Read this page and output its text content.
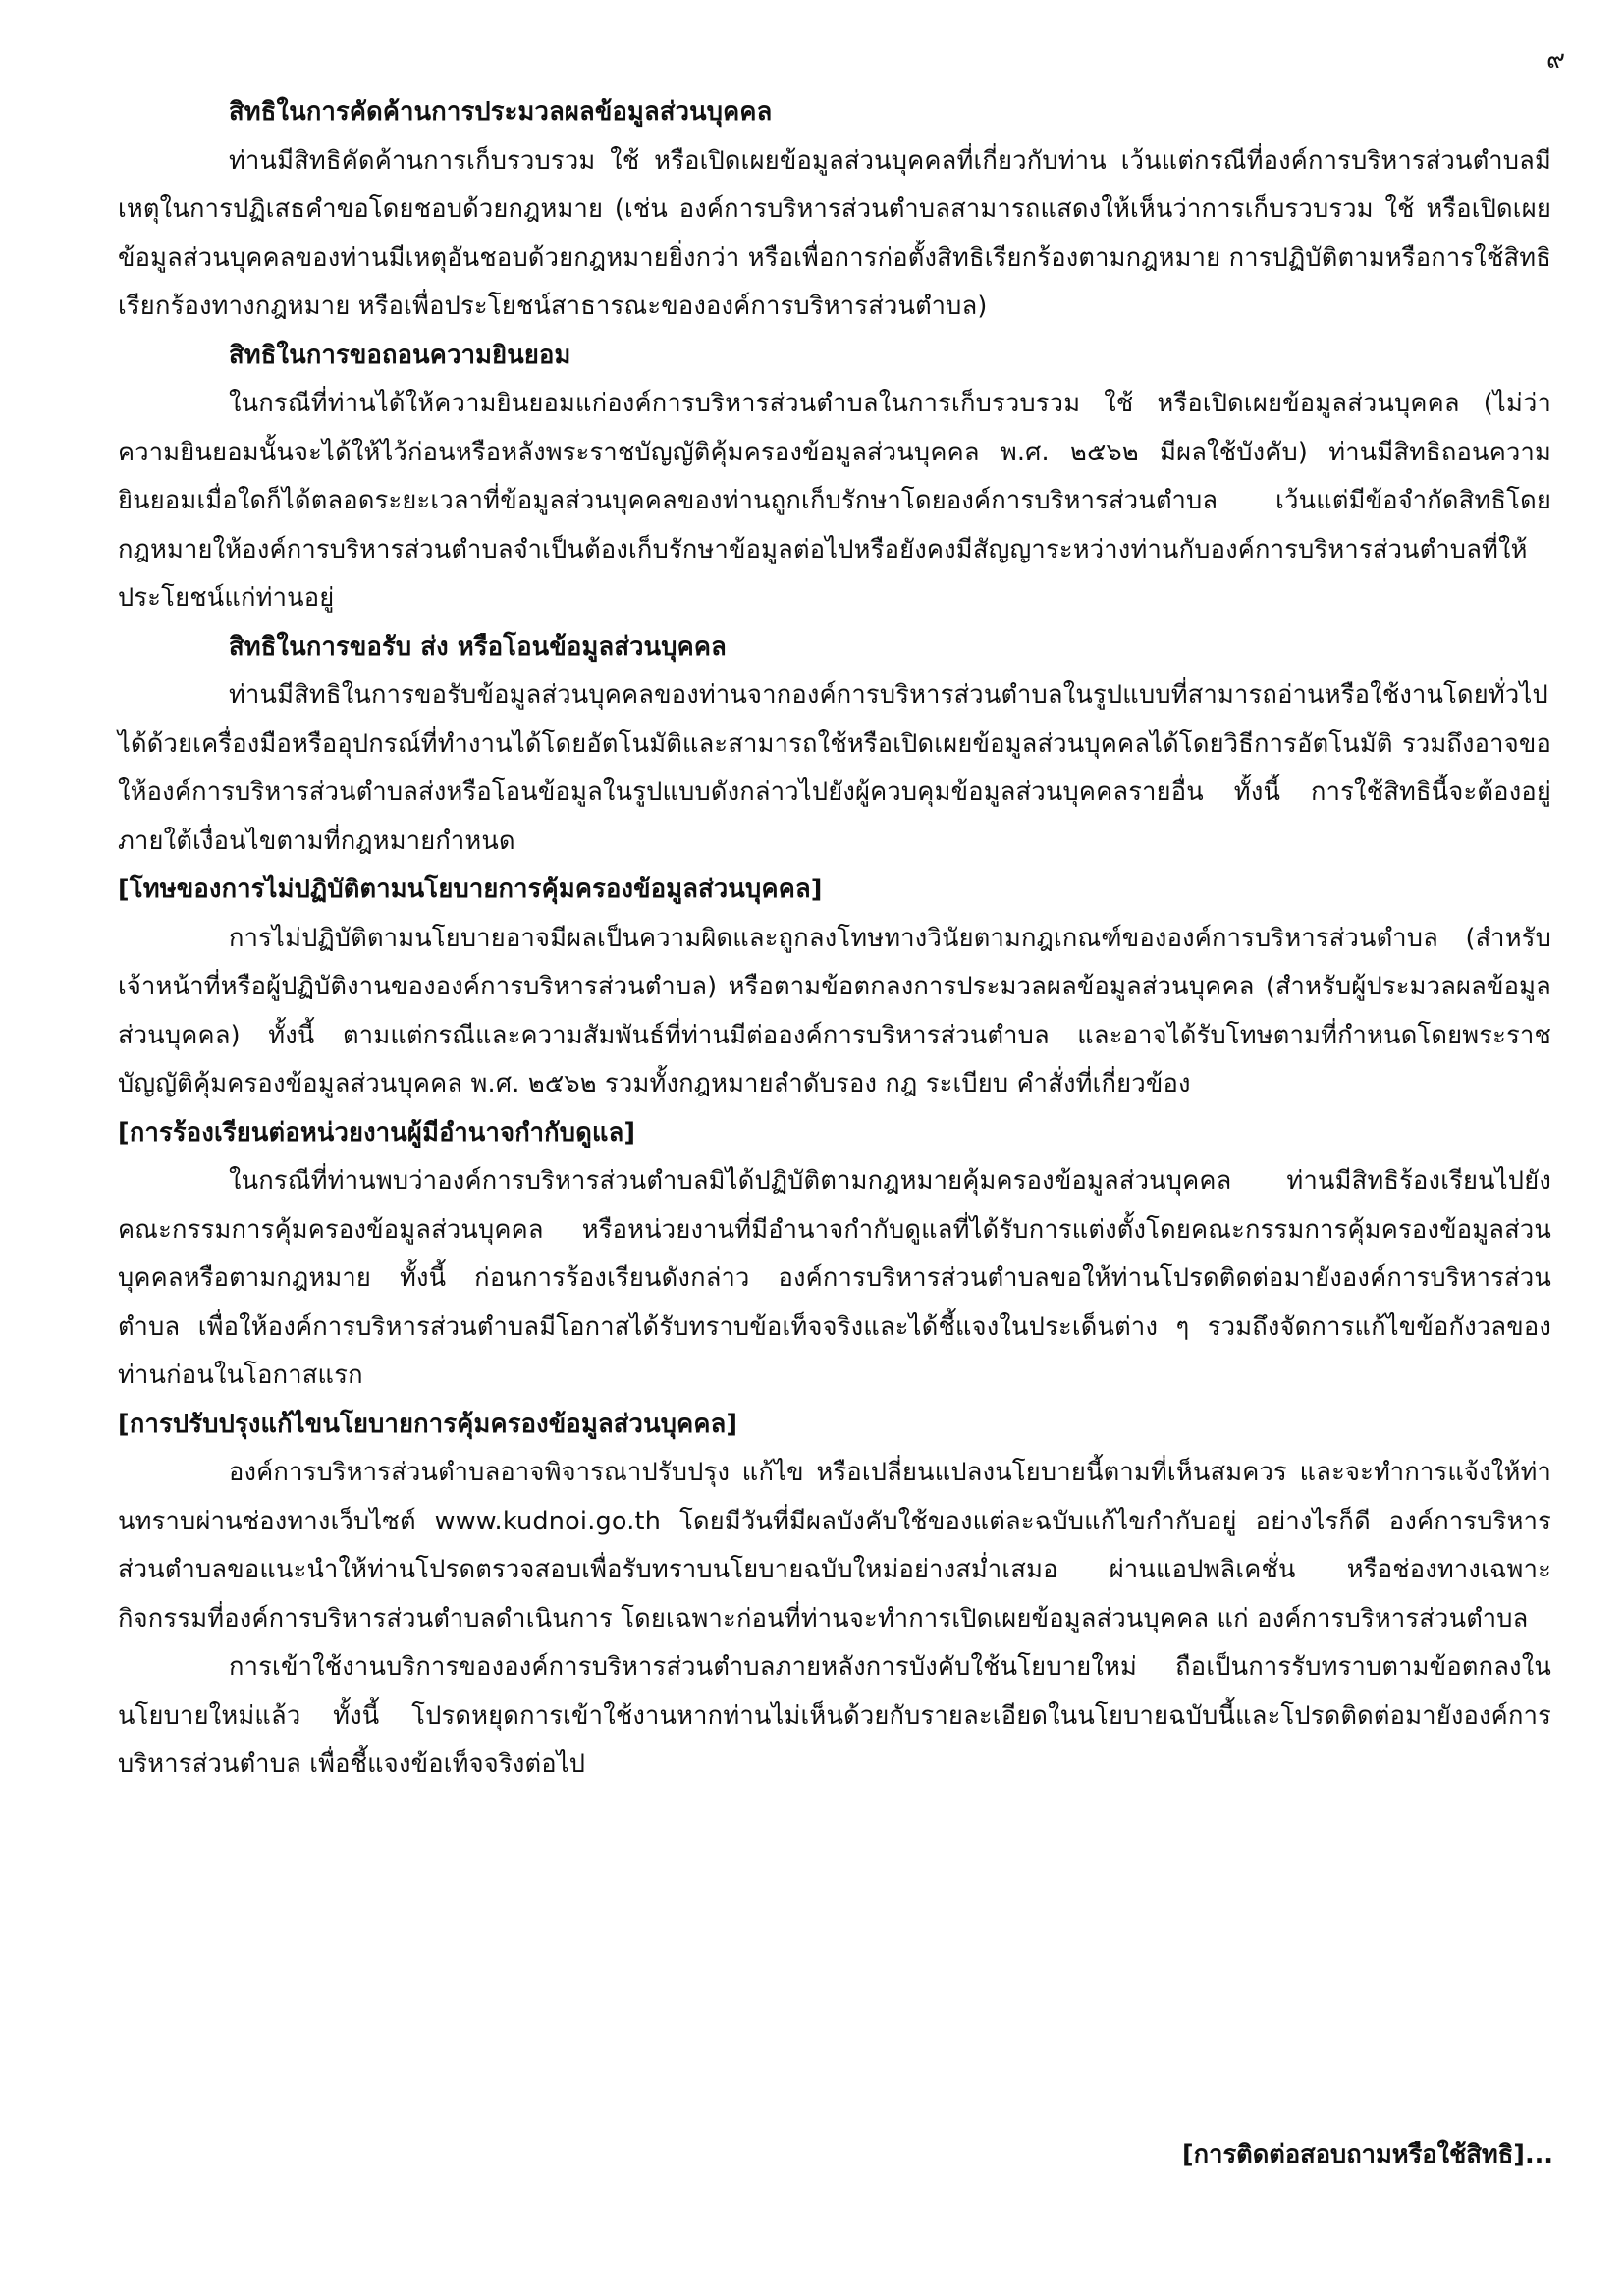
๙

สิทธิในการคัดค้านการประมวลผลข้อมูลส่วนบุคคล

ท่านมีสิทธิคัดค้านการเก็บรวบรวม ใช้ หรือเปิดเผยข้อมูลส่วนบุคคลที่เกี่ยวกับท่าน เว้นแต่กรณีที่องค์การบริหารส่วนตำบลมีเหตุในการปฏิเสธคำขอโดยชอบด้วยกฎหมาย (เช่น องค์การบริหารส่วนตำบลสามารถแสดงให้เห็นว่าการเก็บรวบรวม ใช้ หรือเปิดเผยข้อมูลส่วนบุคคลของท่านมีเหตุอันชอบด้วยกฎหมายยิ่งกว่า หรือเพื่อการก่อตั้งสิทธิเรียกร้องตามกฎหมาย การปฏิบัติตามหรือการใช้สิทธิเรียกร้องทางกฎหมาย หรือเพื่อประโยชน์สาธารณะขององค์การบริหารส่วนตำบล)

สิทธิในการขอถอนความยินยอม

ในกรณีที่ท่านได้ให้ความยินยอมแก่องค์การบริหารส่วนตำบลในการเก็บรวบรวม ใช้ หรือเปิดเผยข้อมูลส่วนบุคคล (ไม่ว่าความยินยอมนั้นจะได้ให้ไว้ก่อนหรือหลังพระราชบัญญัติคุ้มครองข้อมูลส่วนบุคคล พ.ศ. ๒๕๖๒ มีผลใช้บังคับ) ท่านมีสิทธิถอนความยินยอมเมื่อใดก็ได้ตลอดระยะเวลาที่ข้อมูลส่วนบุคคลของท่านถูกเก็บรักษาโดยองค์การบริหารส่วนตำบล เว้นแต่มีข้อจำกัดสิทธิโดยกฎหมายให้องค์การบริหารส่วนตำบลจำเป็นต้องเก็บรักษาข้อมูลต่อไปหรือยังคงมีสัญญาระหว่างท่านกับองค์การบริหารส่วนตำบลที่ให้ประโยชน์แก่ท่านอยู่

สิทธิในการขอรับ ส่ง หรือโอนข้อมูลส่วนบุคคล

ท่านมีสิทธิในการขอรับข้อมูลส่วนบุคคลของท่านจากองค์การบริหารส่วนตำบลในรูปแบบที่สามารถอ่านหรือใช้งานโดยทั่วไปได้ด้วยเครื่องมือหรืออุปกรณ์ที่ทำงานได้โดยอัตโนมัติและสามารถใช้หรือเปิดเผยข้อมูลส่วนบุคคลได้โดยวิธีการอัตโนมัติ รวมถึงอาจขอให้องค์การบริหารส่วนตำบลส่งหรือโอนข้อมูลในรูปแบบดังกล่าวไปยังผู้ควบคุมข้อมูลส่วนบุคคลรายอื่น ทั้งนี้ การใช้สิทธินี้จะต้องอยู่ภายใต้เงื่อนไขตามที่กฎหมายกำหนด

[โทษของการไม่ปฏิบัติตามนโยบายการคุ้มครองข้อมูลส่วนบุคคล]

การไม่ปฏิบัติตามนโยบายอาจมีผลเป็นความผิดและถูกลงโทษทางวินัยตามกฎเกณฑ์ขององค์การบริหารส่วนตำบล (สำหรับเจ้าหน้าที่หรือผู้ปฏิบัติงานขององค์การบริหารส่วนตำบล) หรือตามข้อตกลงการประมวลผลข้อมูลส่วนบุคคล (สำหรับผู้ประมวลผลข้อมูลส่วนบุคคล) ทั้งนี้ ตามแต่กรณีและความสัมพันธ์ที่ท่านมีต่อองค์การบริหารส่วนตำบล และอาจได้รับโทษตามที่กำหนดโดยพระราชบัญญัติคุ้มครองข้อมูลส่วนบุคคล พ.ศ. ๒๕๖๒ รวมทั้งกฎหมายลำดับรอง กฎ ระเบียบ คำสั่งที่เกี่ยวข้อง

[การร้องเรียนต่อหน่วยงานผู้มีอำนาจกำกับดูแล]

ในกรณีที่ท่านพบว่าองค์การบริหารส่วนตำบลมิได้ปฏิบัติตามกฎหมายคุ้มครองข้อมูลส่วนบุคคล ท่านมีสิทธิร้องเรียนไปยังคณะกรรมการคุ้มครองข้อมูลส่วนบุคคล หรือหน่วยงานที่มีอำนาจกำกับดูแลที่ได้รับการแต่งตั้งโดยคณะกรรมการคุ้มครองข้อมูลส่วนบุคคลหรือตามกฎหมาย ทั้งนี้ ก่อนการร้องเรียนดังกล่าว องค์การบริหารส่วนตำบลขอให้ท่านโปรดติดต่อมายังองค์การบริหารส่วนตำบล เพื่อให้องค์การบริหารส่วนตำบลมีโอกาสได้รับทราบข้อเท็จจริงและได้ชี้แจงในประเด็นต่าง ๆ รวมถึงจัดการแก้ไขข้อกังวลของท่านก่อนในโอกาสแรก

[การปรับปรุงแก้ไขนโยบายการคุ้มครองข้อมูลส่วนบุคคล]

องค์การบริหารส่วนตำบลอาจพิจารณาปรับปรุง แก้ไข หรือเปลี่ยนแปลงนโยบายนี้ตามที่เห็นสมควร และจะทำการแจ้งให้ท่านทราบผ่านช่องทางเว็บไซต์ www.kudnoi.go.th โดยมีวันที่มีผลบังคับใช้ของแต่ละฉบับแก้ไขกำกับอยู่ อย่างไรก็ดี องค์การบริหารส่วนตำบลขอแนะนำให้ท่านโปรดตรวจสอบเพื่อรับทราบนโยบายฉบับใหม่อย่างสม่ำเสมอ ผ่านแอปพลิเคชั่น หรือช่องทางเฉพาะกิจกรรมที่องค์การบริหารส่วนตำบลดำเนินการ โดยเฉพาะก่อนที่ท่านจะทำการเปิดเผยข้อมูลส่วนบุคคล แก่ องค์การบริหารส่วนตำบล

การเข้าใช้งานบริการขององค์การบริหารส่วนตำบลภายหลังการบังคับใช้นโยบายใหม่ ถือเป็นการรับทราบตามข้อตกลงในนโยบายใหม่แล้ว ทั้งนี้ โปรดหยุดการเข้าใช้งานหากท่านไม่เห็นด้วยกับรายละเอียดในนโยบายฉบับนี้และโปรดติดต่อมายังองค์การบริหารส่วนตำบล เพื่อชี้แจงข้อเท็จจริงต่อไป

[การติดต่อสอบถามหรือใช้สิทธิ]...
